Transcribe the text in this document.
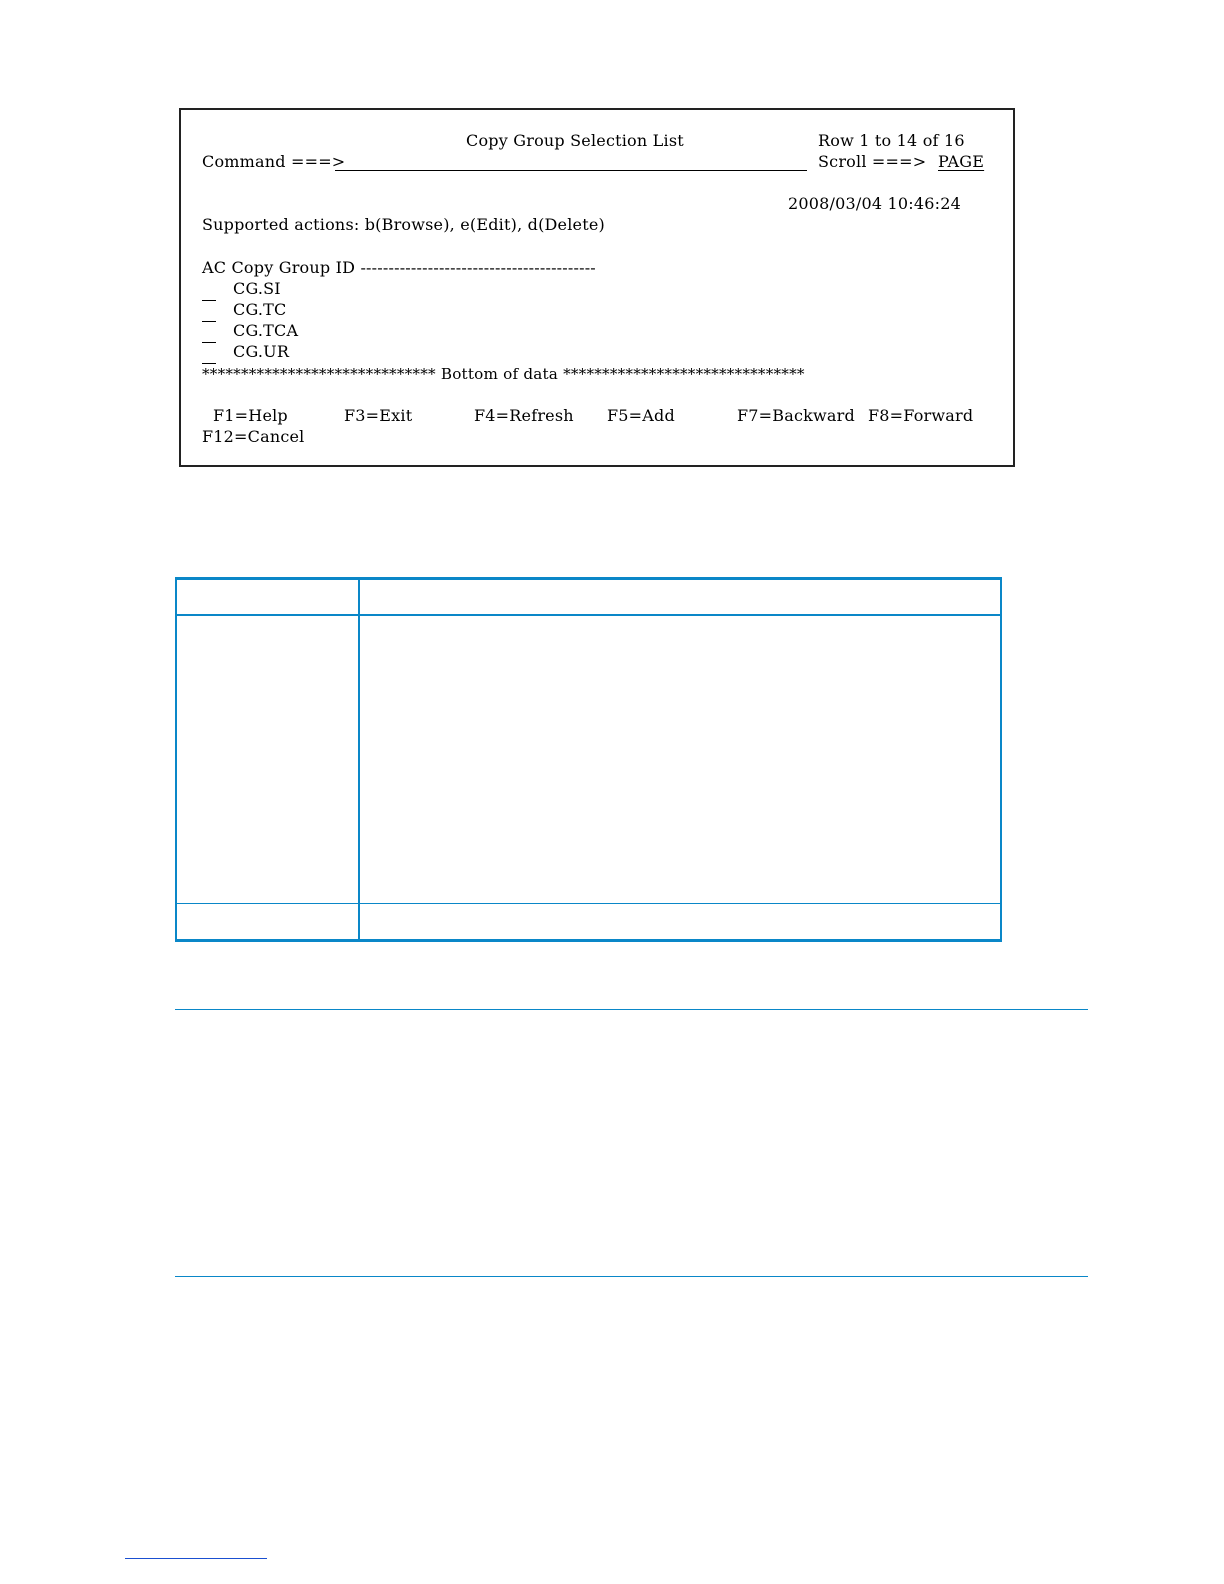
Copy Group Selection List	Row 1 to 14 of 16
Command ===>	Scroll ===> PAGE
2008/03/04 10:46:24
Supported actions: b(Browse), e(Edit), d(Delete)
AC Copy Group ID ------------------------------------------
CG.SI
CG.TC
CG.TCA
CG.UR
****************************** Bottom of data *******************************
F1=Help	F3=Exit	F4=Refresh F5=Add	F7=Backward F8=Forward
F12=Cancel
